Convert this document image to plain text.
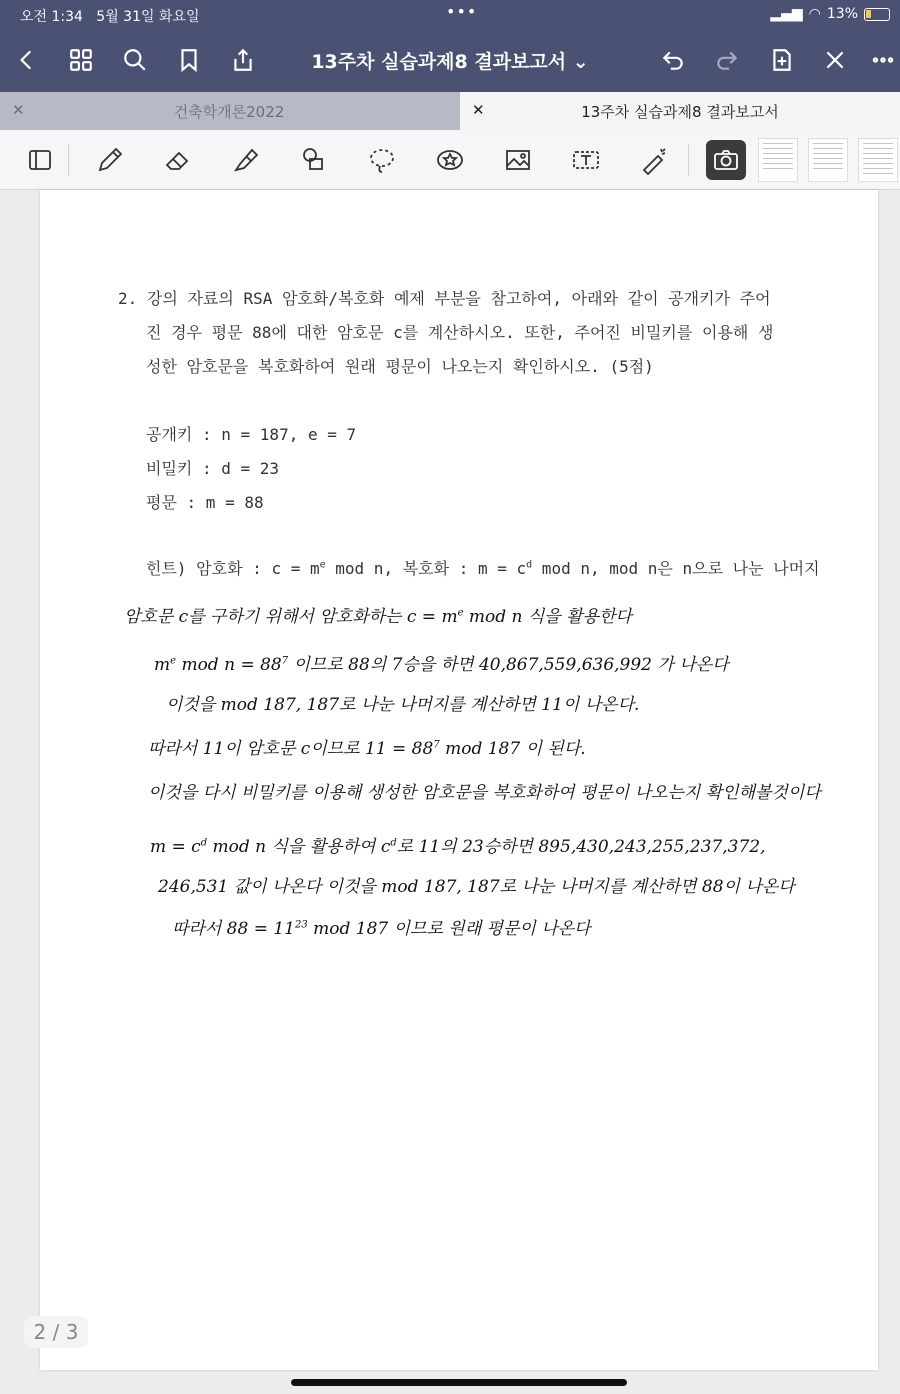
오전 1:34 5월 31일 화요일	•••	▂▄▆ ◠ 13%
13주차 실습과제8 결과보고서 ⌄
✕	건축학개론2022	✕	13주차 실습과제8 결과보고서
2. 강의 자료의 RSA 암호화/복호화 예제 부분을 참고하여, 아래와 같이 공개키가 주어
진 경우 평문 88에 대한 암호문 c를 계산하시오. 또한, 주어진 비밀키를 이용해 생
성한 암호문을 복호화하여 원래 평문이 나오는지 확인하시오. (5점)
공개키 : n = 187, e = 7
비밀키 : d = 23
평문 : m = 88
힌트) 암호화 : $c = m^e$ mod n, 복호화 : $m = c^d$ mod n, mod n은 n으로 나눈 나머지
암호문 c를 구하기 위해서 암호화하는 $c = m^e$ mod n 식을 활용한다
$m^e$ mod $n = 88^7$ 이므로 88의 7승을 하면 40,867,559,636,992 가 나온다
이것을 mod 187, 187로 나눈 나머지를 계산하면 11이 나온다.
따라서 11이 암호문 c이므로 $11 = 88^7$ mod 187 이 된다.
이것을 다시 비밀키를 이용해 생성한 암호문을 복호화하여 평문이 나오는지 확인해볼것이다
$m = c^d$ mod n 식을 활용하여 $c^d$로 11의 23승하면 895,430,243,255,237,372,
246,531 값이 나온다 이것을 mod 187, 187로 나눈 나머지를 계산하면 88이 나온다
따라서 $88 = 11^{23}$ mod 187 이므로 원래 평문이 나온다
2 / 3
